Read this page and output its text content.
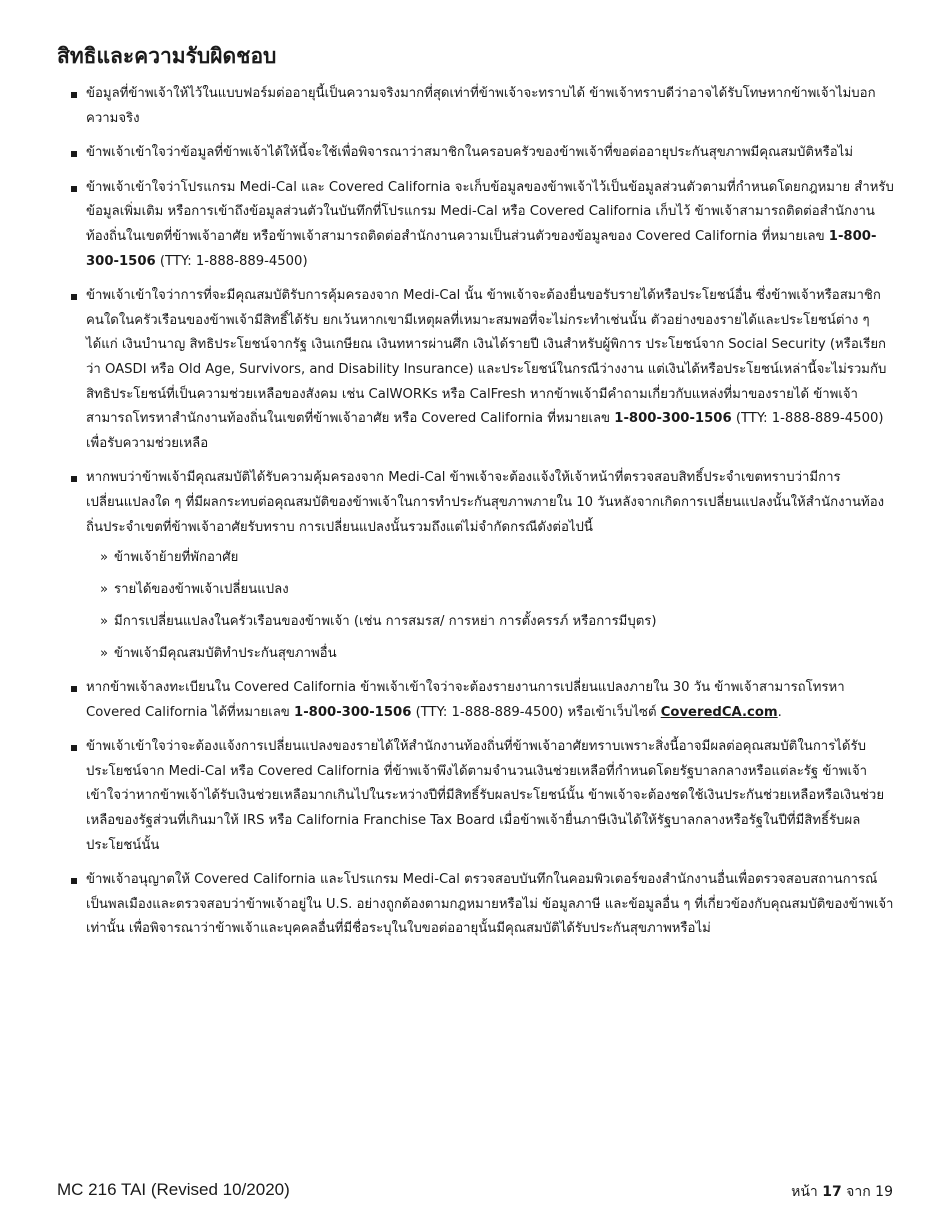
สิทธิและความรับผิดชอบ
ข้อมูลที่ข้าพเจ้าให้ไว้ในแบบฟอร์มต่ออายุนี้เป็นความจริงมากที่สุดเท่าที่ข้าพเจ้าจะทราบได้ ข้าพเจ้าทราบดีว่าอาจได้รับโทษหากข้าพเจ้าไม่บอกความจริง
ข้าพเจ้าเข้าใจว่าข้อมูลที่ข้าพเจ้าได้ให้นี้จะใช้เพื่อพิจารณาว่าสมาชิกในครอบครัวของข้าพเจ้าที่ขอต่ออายุประกันสุขภาพมีคุณสมบัติหรือไม่
ข้าพเจ้าเข้าใจว่าโปรแกรม Medi-Cal และ Covered California จะเก็บข้อมูลของข้าพเจ้าไว้เป็นข้อมูลส่วนตัวตามที่กำหนดโดยกฎหมาย สำหรับข้อมูลเพิ่มเติม หรือการเข้าถึงข้อมูลส่วนตัวในบันทึกที่โปรแกรม Medi-Cal หรือ Covered California เก็บไว้ ข้าพเจ้าสามารถติดต่อสำนักงานท้องถิ่นในเขตที่ข้าพเจ้าอาศัย หรือข้าพเจ้าสามารถติดต่อสำนักงานความเป็นส่วนตัวของข้อมูลของ Covered California ที่หมายเลข 1-800-300-1506 (TTY: 1-888-889-4500)
ข้าพเจ้าเข้าใจว่าการที่จะมีคุณสมบัติรับการคุ้มครองจาก Medi-Cal นั้น ข้าพเจ้าจะต้องยื่นขอรับรายได้หรือประโยชน์อื่น ซึ่งข้าพเจ้าหรือสมาชิกคนใดในครัวเรือนของข้าพเจ้ามีสิทธิ์ได้รับ ยกเว้นหากเขามีเหตุผลที่เหมาะสมพอที่จะไม่กระทำเช่นนั้น ตัวอย่างของรายได้และประโยชน์ต่าง ๆ ได้แก่ เงินบำนาญ สิทธิประโยชน์จากรัฐ เงินเกษียณ เงินทหารผ่านศึก เงินได้รายปี เงินสำหรับผู้พิการ ประโยชน์จาก Social Security (หรือเรียกว่า OASDI หรือ Old Age, Survivors, and Disability Insurance) และประโยชน์ในกรณีว่างงาน แต่เงินได้หรือประโยชน์เหล่านี้จะไม่รวมกับสิทธิประโยชน์ที่เป็นความช่วยเหลือของสังคม เช่น CalWORKs หรือ CalFresh หากข้าพเจ้ามีคำถามเกี่ยวกับแหล่งที่มาของรายได้ ข้าพเจ้าสามารถโทรหาสำนักงานท้องถิ่นในเขตที่ข้าพเจ้าอาศัย หรือ Covered California ที่หมายเลข 1-800-300-1506 (TTY: 1-888-889-4500) เพื่อรับความช่วยเหลือ
หากพบว่าข้าพเจ้ามีคุณสมบัติได้รับความคุ้มครองจาก Medi-Cal ข้าพเจ้าจะต้องแจ้งให้เจ้าหน้าที่ตรวจสอบสิทธิ์ประจำเขตทราบว่ามีการเปลี่ยนแปลงใด ๆ ที่มีผลกระทบต่อคุณสมบัติของข้าพเจ้าในการทำประกันสุขภาพภายใน 10 วันหลังจากเกิดการเปลี่ยนแปลงนั้นให้สำนักงานท้องถิ่นประจำเขตที่ข้าพเจ้าอาศัยรับทราบ การเปลี่ยนแปลงนั้นรวมถึงแต่ไม่จำกัดกรณีดังต่อไปนี้
» ข้าพเจ้าย้ายที่พักอาศัย
» รายได้ของข้าพเจ้าเปลี่ยนแปลง
» มีการเปลี่ยนแปลงในครัวเรือนของข้าพเจ้า (เช่น การสมรส/ การหย่า การตั้งครรภ์ หรือการมีบุตร)
» ข้าพเจ้ามีคุณสมบัติทำประกันสุขภาพอื่น
หากข้าพเจ้าลงทะเบียนใน Covered California ข้าพเจ้าเข้าใจว่าจะต้องรายงานการเปลี่ยนแปลงภายใน 30 วัน ข้าพเจ้าสามารถโทรหา Covered California ได้ที่หมายเลข 1-800-300-1506 (TTY: 1-888-889-4500) หรือเข้าเว็บไซต์ CoveredCA.com.
ข้าพเจ้าเข้าใจว่าจะต้องแจ้งการเปลี่ยนแปลงของรายได้ให้สำนักงานท้องถิ่นที่ข้าพเจ้าอาศัยทราบเพราะสิ่งนี้อาจมีผลต่อคุณสมบัติในการได้รับประโยชน์จาก Medi-Cal หรือ Covered California ที่ข้าพเจ้าพึงได้ตามจำนวนเงินช่วยเหลือที่กำหนดโดยรัฐบาลกลางหรือแต่ละรัฐ ข้าพเจ้าเข้าใจว่าหากข้าพเจ้าได้รับเงินช่วยเหลือมากเกินไปในระหว่างปีที่มีสิทธิ์รับผลประโยชน์นั้น ข้าพเจ้าจะต้องชดใช้เงินประกันช่วยเหลือหรือเงินช่วยเหลือของรัฐส่วนที่เกินมาให้ IRS หรือ California Franchise Tax Board เมื่อข้าพเจ้ายื่นภาษีเงินได้ให้รัฐบาลกลางหรือรัฐในปีที่มีสิทธิ์รับผลประโยชน์นั้น
ข้าพเจ้าอนุญาตให้ Covered California และโปรแกรม Medi-Cal ตรวจสอบบันทึกในคอมพิวเตอร์ของสำนักงานอื่นเพื่อตรวจสอบสถานการณ์เป็นพลเมืองและตรวจสอบว่าข้าพเจ้าอยู่ใน U.S. อย่างถูกต้องตามกฎหมายหรือไม่ ข้อมูลภาษี และข้อมูลอื่น ๆ ที่เกี่ยวข้องกับคุณสมบัติของข้าพเจ้าเท่านั้น เพื่อพิจารณาว่าข้าพเจ้าและบุคคลอื่นที่มีชื่อระบุในใบขอต่ออายุนั้นมีคุณสมบัติได้รับประกันสุขภาพหรือไม่
MC 216 TAI (Revised 10/2020)	หน้า 17 จาก 19
